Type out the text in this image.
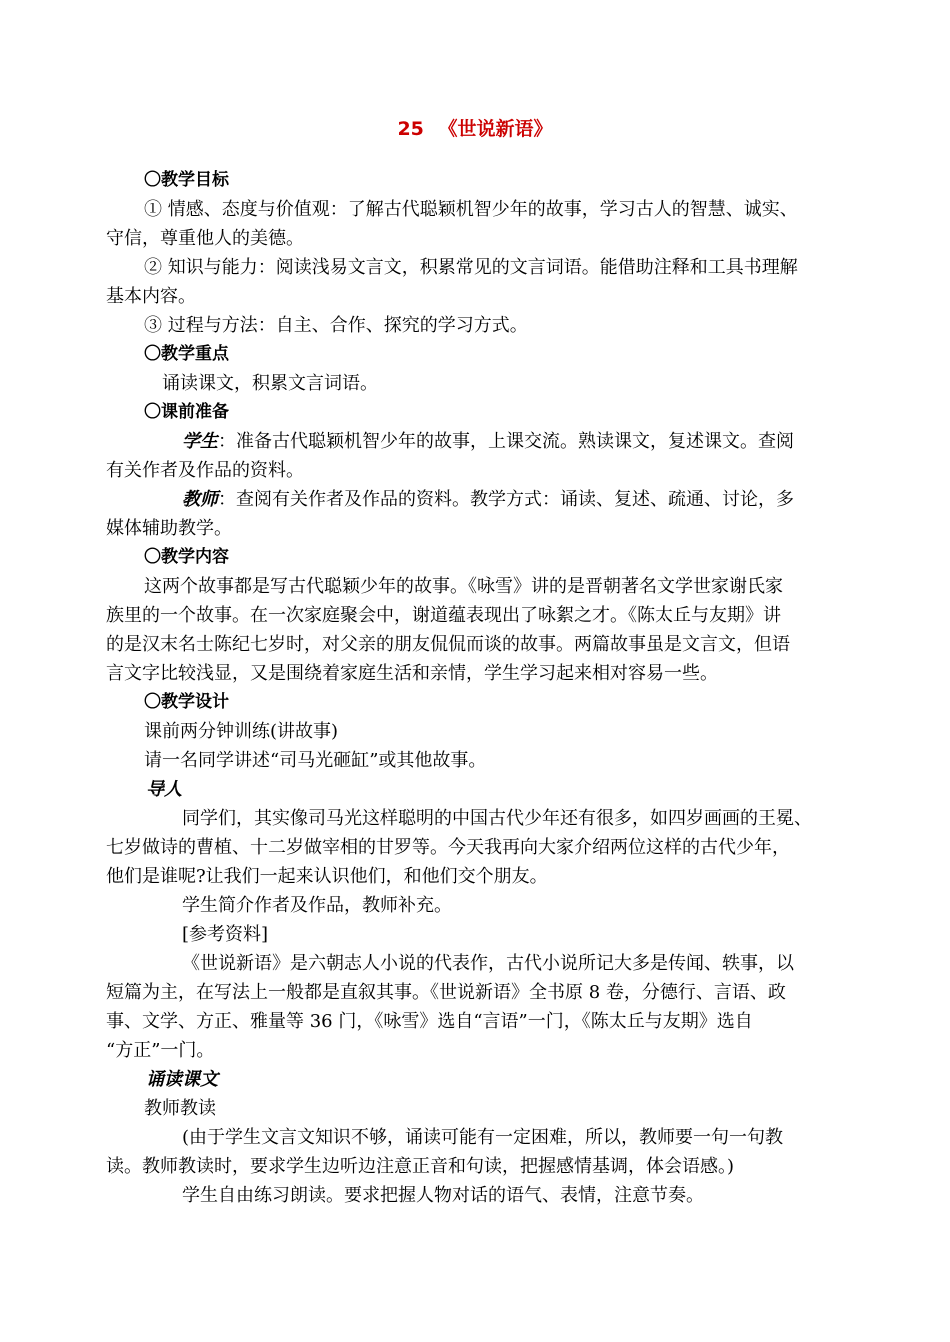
25 《世说新语》
〇教学目标
① 情感、态度与价值观：了解古代聪颖机智少年的故事，学习古人的智慧、诚实、
守信，尊重他人的美德。
② 知识与能力：阅读浅易文言文，积累常见的文言词语。能借助注释和工具书理解
基本内容。
③ 过程与方法：自主、合作、探究的学习方式。
〇教学重点
诵读课文，积累文言词语。
〇课前准备
学生：准备古代聪颖机智少年的故事，上课交流。熟读课文，复述课文。查阅
有关作者及作品的资料。
教师：查阅有关作者及作品的资料。教学方式：诵读、复述、疏通、讨论，多
媒体辅助教学。
〇教学内容
这两个故事都是写古代聪颖少年的故事。《咏雪》讲的是晋朝著名文学世家谢氏家
族里的一个故事。在一次家庭聚会中，谢道蕴表现出了咏絮之才。《陈太丘与友期》讲
的是汉末名士陈纪七岁时，对父亲的朋友侃侃而谈的故事。两篇故事虽是文言文，但语
言文字比较浅显，又是围绕着家庭生活和亲情，学生学习起来相对容易一些。
〇教学设计
课前两分钟训练(讲故事)
请一名同学讲述“司马光砸缸”或其他故事。
导人
同学们，其实像司马光这样聪明的中国古代少年还有很多，如四岁画画的王冕、
七岁做诗的曹植、十二岁做宰相的甘罗等。今天我再向大家介绍两位这样的古代少年，
他们是谁呢?让我们一起来认识他们，和他们交个朋友。
学生简介作者及作品，教师补充。
[参考资料]
《世说新语》是六朝志人小说的代表作，古代小说所记大多是传闻、轶事，以
短篇为主，在写法上一般都是直叙其事。《世说新语》全书原 8 卷，分德行、言语、政
事、文学、方正、雅量等 36 门，《咏雪》选自“言语”一门，《陈太丘与友期》选自
“方正”一门。
诵读课文
教师教读
(由于学生文言文知识不够，诵读可能有一定困难，所以，教师要一句一句教
读。教师教读时，要求学生边听边注意正音和句读，把握感情基调，体会语感。)
学生自由练习朗读。要求把握人物对话的语气、表情，注意节奏。
